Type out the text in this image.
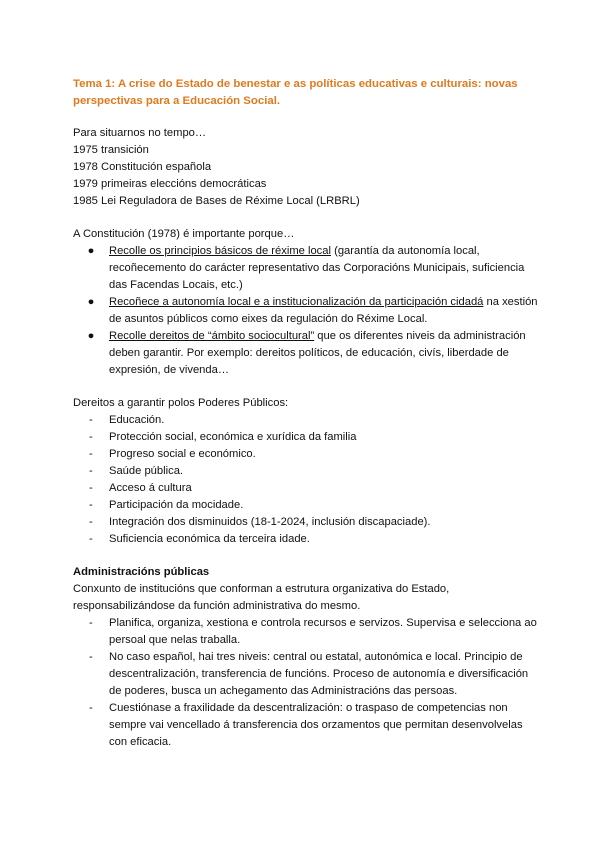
Tema 1: A crise do Estado de benestar e as políticas educativas e culturais: novas perspectivas para a Educación Social.
Para situarnos no tempo…
1975 transición
1978 Constitución española
1979 primeiras eleccións democráticas
1985 Lei Reguladora de Bases de Réxime Local (LRBRL)
A Constitución (1978) é importante porque…
● Recolle os principios básicos de réxime local (garantía da autonomía local, recoñecemento do carácter representativo das Corporacións Municipais, suficiencia das Facendas Locais, etc.)
● Recoñece a autonomía local e a institucionalización da participación cidadá na xestión de asuntos públicos como eixes da regulación do Réxime Local.
● Recolle dereitos de “ámbito sociocultural” que os diferentes niveis da administración deben garantir. Por exemplo: dereitos políticos, de educación, civís, liberdade de expresión, de vivenda…
Dereitos a garantir polos Poderes Públicos:
- Educación.
- Protección social, económica e xurídica da familia
- Progreso social e económico.
- Saúde pública.
- Acceso á cultura
- Participación da mocidade.
- Integración dos disminuidos (18-1-2024, inclusión discapaciade).
- Suficiencia económica da terceira idade.
Administracións públicas
Conxunto de institucións que conforman a estrutura organizativa do Estado, responsabilizándose da función administrativa do mesmo.
- Planifica, organiza, xestiona e controla recursos e servizos. Supervisa e selecciona ao persoal que nelas traballa.
- No caso español, hai tres niveis: central ou estatal, autonómica e local. Principio de descentralización, transferencia de funcións. Proceso de autonomía e diversificación de poderes, busca un achegamento das Administracións das persoas.
- Cuestiónase a fraxilidade da descentralización: o traspaso de competencias non sempre vai vencellado á transferencia dos orzamentos que permitan desenvolvelas con eficacia.
